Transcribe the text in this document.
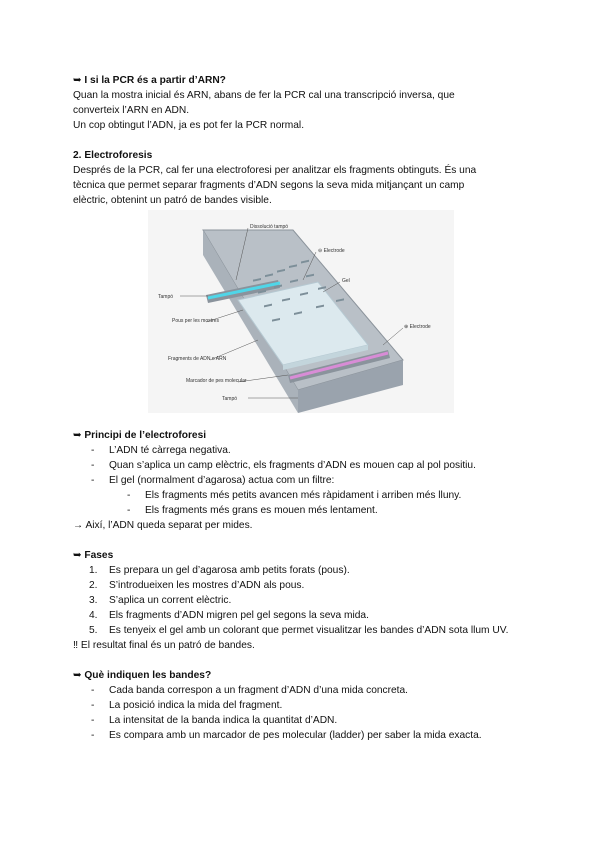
➥ I si la PCR és a partir d’ARN?

Quan la mostra inicial és ARN, abans de fer la PCR cal una transcripció inversa, que

converteix l’ARN en ADN.

Un cop obtingut l’ADN, ja es pot fer la PCR normal.

2. Electroforesis

Després de la PCR, cal fer una electroforesi per analitzar els fragments obtinguts. És una

tècnica que permet separar fragments d’ADN segons la seva mida mitjançant un camp

elèctric, obtenint un patró de bandes visible.

Dissolució tampó
⊖ Electrode
Gel
Tampó
Pous per les mostres
Fragments de ADN o ARN
⊕ Electrode
Marcador de pes molecular
Tampó

➥ Principi de l’electroforesi

- L’ADN té càrrega negativa.
- Quan s’aplica un camp elèctric, els fragments d’ADN es mouen cap al pol positiu.
- El gel (normalment d’agarosa) actua com un filtre:
- Els fragments més petits avancen més ràpidament i arriben més lluny.
- Els fragments més grans es mouen més lentament.

→ Així, l’ADN queda separat per mides.

➥ Fases

1. Es prepara un gel d’agarosa amb petits forats (pous).
2. S’introdueixen les mostres d’ADN als pous.
3. S’aplica un corrent elèctric.
4. Els fragments d’ADN migren pel gel segons la seva mida.
5. Es tenyeix el gel amb un colorant que permet visualitzar les bandes d’ADN sota llum UV.

‼ El resultat final és un patró de bandes.

➥ Què indiquen les bandes?

- Cada banda correspon a un fragment d’ADN d’una mida concreta.
- La posició indica la mida del fragment.
- La intensitat de la banda indica la quantitat d’ADN.
- Es compara amb un marcador de pes molecular (ladder) per saber la mida exacta.
